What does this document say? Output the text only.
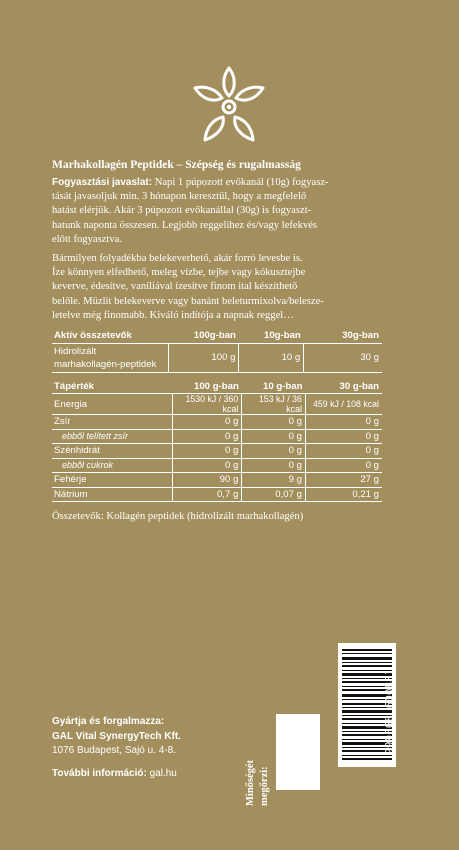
Marhakollagén Peptidek – Szépség és rugalmasság
Fogyasztási javaslat: Napi 1 púpozott evőkanál (10g) fogyasz-
tását javasoljuk min. 3 hónapon keresztül, hogy a megfelelő
hatást elérjük. Akár 3 púpozott evőkanállal (30g) is fogyaszt-
hatunk naponta összesen. Legjobb reggelihez és/vagy lefekvés
előtt fogyasztva.
Bármilyen folyadékba belekeverhető, akár forró levesbe is.
Íze könnyen elfedhető, meleg vízbe, tejbe vagy kókusztejbe
keverve, édesítve, vaníliával ízesítve finom ital készíthető
belőle. Müzlit belekeverve vagy banánt beleturmixolva/belesze-
letelve még finomabb. Kiváló indítója a napnak reggel…
Aktív összetevők	100g-ban	10g-ban	30g-ban

Hidrolizált
marhakollagén-peptidek	100 g	10 g	30 g
Tápérték	100 g-ban	10 g-ban	30 g-ban
Energia	1530 kJ / 360 kcal	153 kJ / 36 kcal	459 kJ / 108 kcal
Zsír	0 g	0 g	0 g
ebből telített zsír	0 g	0 g	0 g
Szénhidrát	0 g	0 g	0 g
ebből cukrok	0 g	0 g	0 g
Fehérje	90 g	9 g	27 g
Nátrium	0,7 g	0,07 g	0,21 g
Összetevők: Kollagén peptidek (hidrolizált marhakollagén)
Gyártja és forgalmazza:
GAL Vital SynergyTech Kft.
1076 Budapest, Sajó u. 4-8.
További információ: gal.hu	Minőségét megőrzi:
5 999568 600881
